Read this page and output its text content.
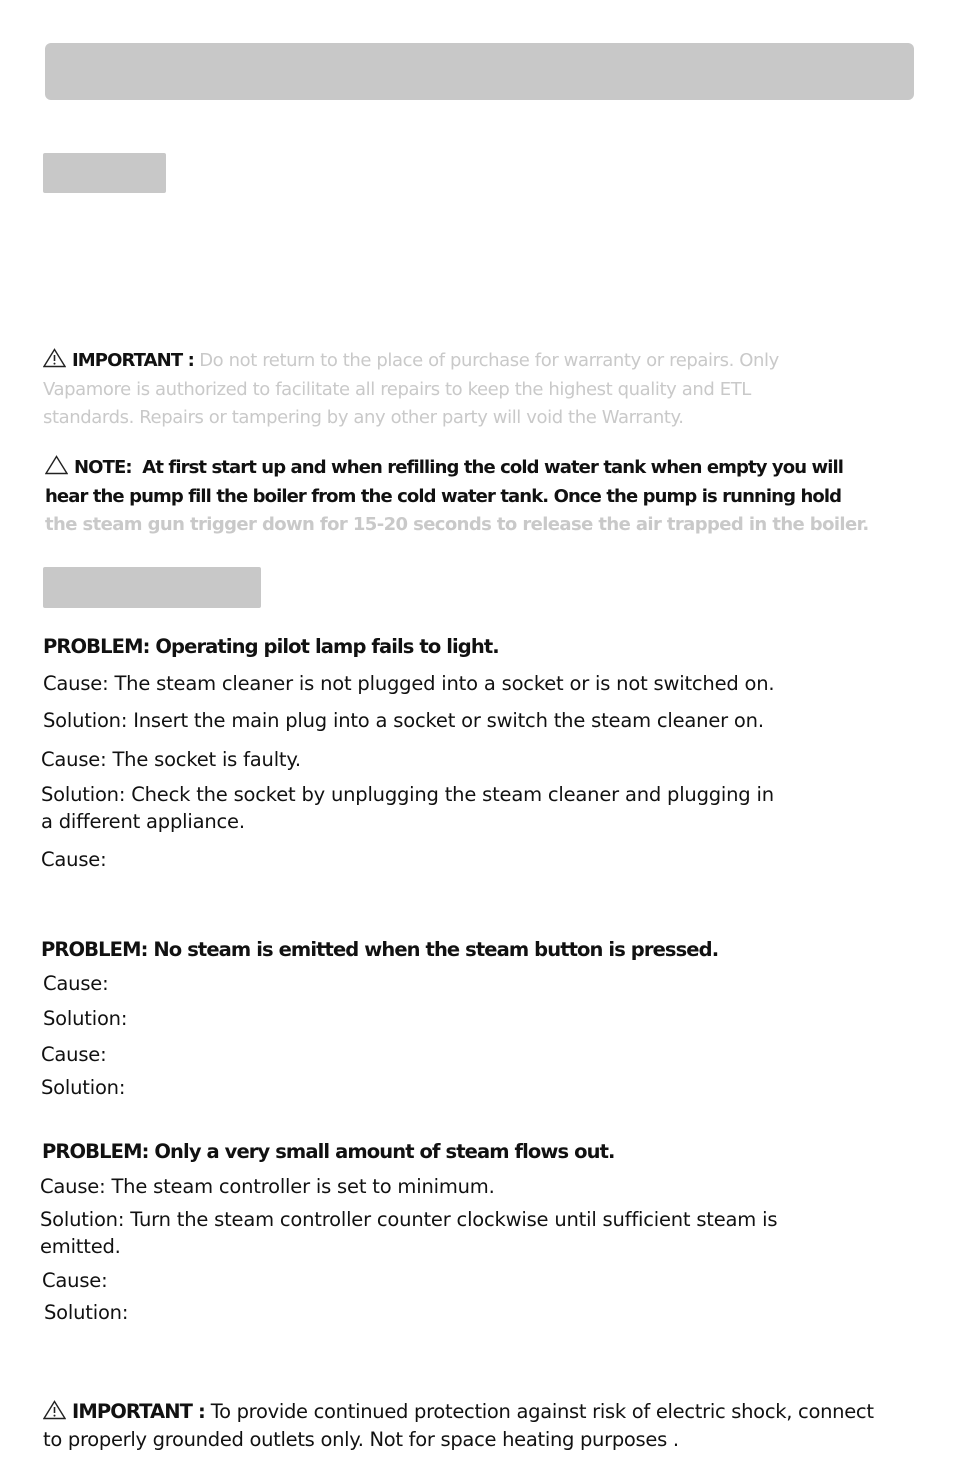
IMPORTANT : Do not return to the place of purchase for warranty or repairs. Only
Vapamore is authorized to facilitate all repairs to keep the highest quality and ETL
standards. Repairs or tampering by any other party will void the Warranty.
NOTE: At first start up and when refilling the cold water tank when empty you will
hear the pump fill the boiler from the cold water tank. Once the pump is running hold
the steam gun trigger down for 15-20 seconds to release the air trapped in the boiler.
PROBLEM: Operating pilot lamp fails to light.
Cause: The steam cleaner is not plugged into a socket or is not switched on.
Solution: Insert the main plug into a socket or switch the steam cleaner on.
Cause: The socket is faulty.
Solution: Check the socket by unplugging the steam cleaner and plugging in
a different appliance.
Cause:
PROBLEM: No steam is emitted when the steam button is pressed.
Cause:
Solution:
Cause:
Solution:
PROBLEM: Only a very small amount of steam flows out.
Cause: The steam controller is set to minimum.
Solution: Turn the steam controller counter clockwise until sufficient steam is
emitted.
Cause:
Solution:
IMPORTANT : To provide continued protection against risk of electric shock, connect
to properly grounded outlets only. Not for space heating purposes .
